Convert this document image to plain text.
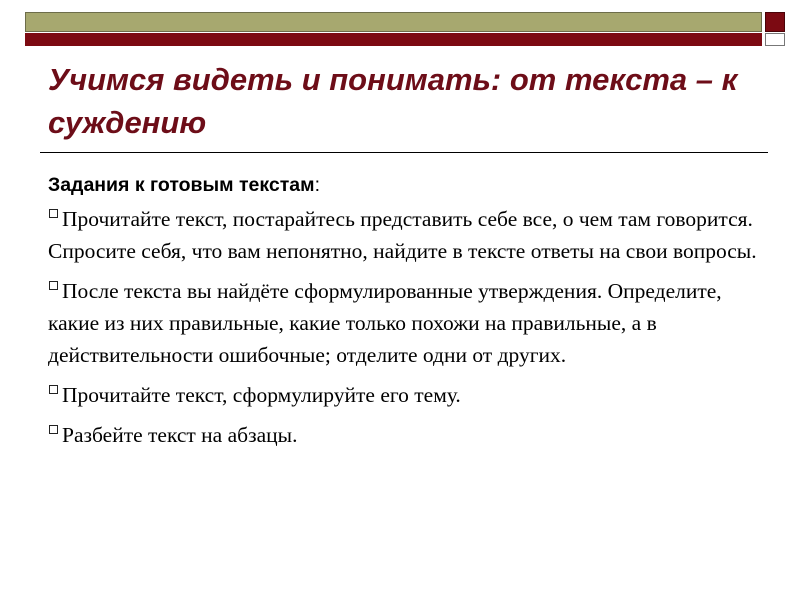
Учимся видеть и понимать: от текста – к суждению
Задания к готовым текстам:
Прочитайте текст, постарайтесь представить себе все, о чем там говорится. Спросите себя, что вам непонятно, найдите в тексте ответы на свои вопросы.
После текста вы найдёте сформулированные утверждения. Определите, какие из них правильные, какие только похожи на правильные, а в действительности ошибочные; отделите одни от других.
Прочитайте текст, сформулируйте его тему.
Разбейте текст на абзацы.
